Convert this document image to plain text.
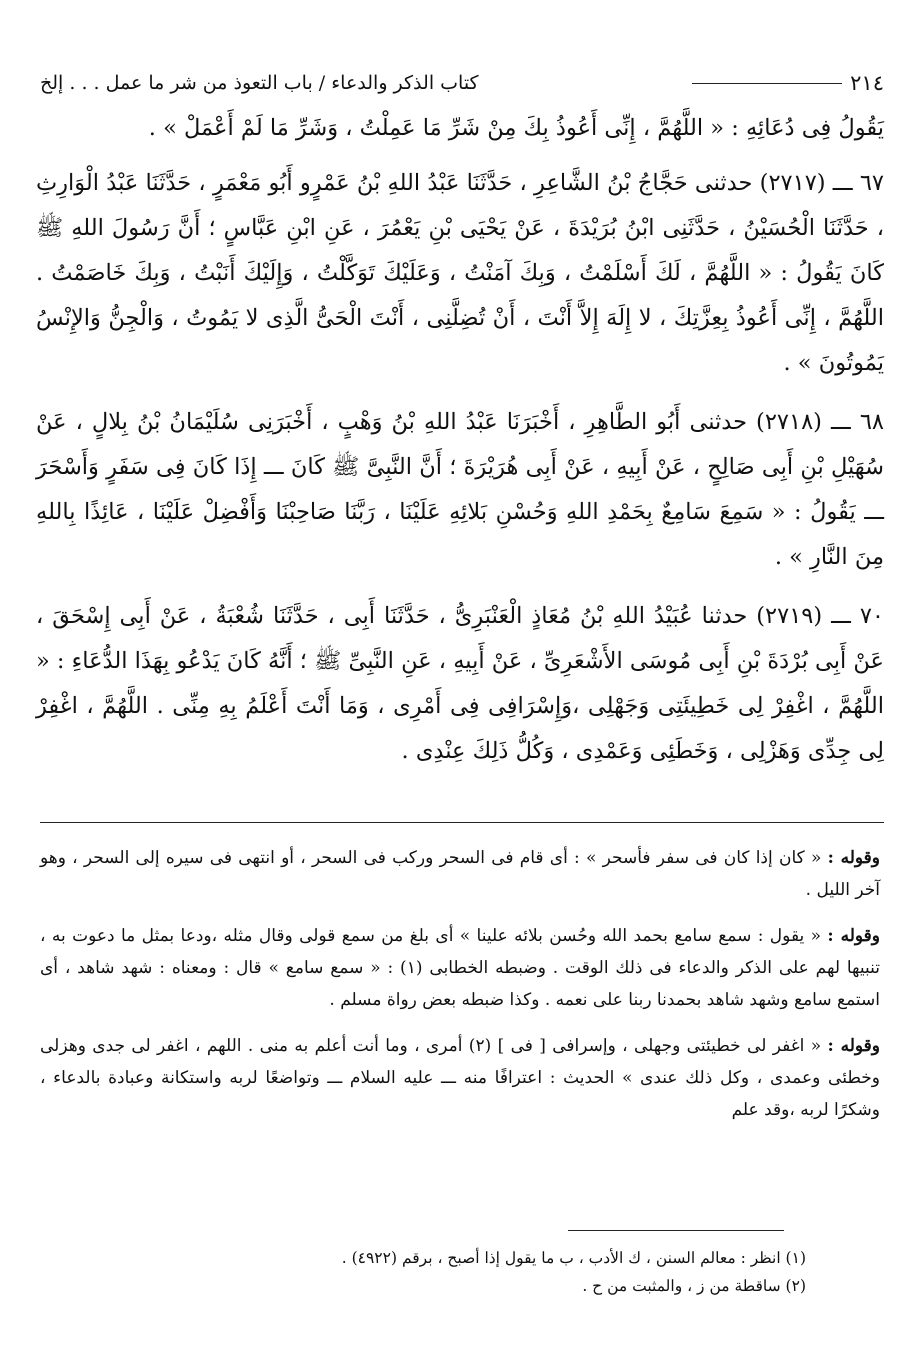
٢١٤
كتاب الذكر والدعاء / باب التعوذ من شر ما عمل . . . إلخ

يَقُولُ فِى دُعَائِهِ : « اللَّهُمَّ ، إِنِّى أَعُوذُ بِكَ مِنْ شَرِّ مَا عَمِلْتُ ، وَشَرِّ مَا لَمْ أَعْمَلْ » .

٦٧ ـــ (٢٧١٧) حدثنى حَجَّاجُ بْنُ الشَّاعِرِ ، حَدَّثَنَا عَبْدُ اللهِ بْنُ عَمْرٍو أَبُو مَعْمَرٍ ، حَدَّثَنَا عَبْدُ الْوَارِثِ ، حَدَّثَنَا الْحُسَيْنُ ، حَدَّثَنِى ابْنُ بُرَيْدَةَ ، عَنْ يَحْيَى بْنِ يَعْمُرَ ، عَنِ ابْنِ عَبَّاسٍ ؛ أَنَّ رَسُولَ اللهِ ﷺ كَانَ يَقُولُ : « اللَّهُمَّ ، لَكَ أَسْلَمْتُ ، وَبِكَ آمَنْتُ ، وَعَلَيْكَ تَوَكَّلْتُ ، وَإِلَيْكَ أَنَبْتُ ، وَبِكَ خَاصَمْتُ . اللَّهُمَّ ، إِنِّى أَعُوذُ بِعِزَّتِكَ ، لا إِلَهَ إِلاَّ أَنْتَ ، أَنْ تُضِلَّنِى ، أَنْتَ الْحَىُّ الَّذِى لا يَمُوتُ ، وَالْجِنُّ وَالإِنْسُ يَمُوتُونَ » .

٦٨ ـــ (٢٧١٨) حدثنى أَبُو الطَّاهِرِ ، أَخْبَرَنَا عَبْدُ اللهِ بْنُ وَهْبٍ ، أَخْبَرَنِى سُلَيْمَانُ بْنُ بِلالٍ ، عَنْ سُهَيْلِ بْنِ أَبِى صَالِحٍ ، عَنْ أَبِيهِ ، عَنْ أَبِى هُرَيْرَةَ ؛ أَنَّ النَّبِىَّ ﷺ كَانَ ـــ إِذَا كَانَ فِى سَفَرٍ وَأَسْحَرَ ـــ يَقُولُ : « سَمِعَ سَامِعٌ بِحَمْدِ اللهِ وَحُسْنِ بَلائِهِ عَلَيْنَا ، رَبَّنَا صَاحِبْنَا وَأَفْضِلْ عَلَيْنَا ، عَائِذًا بِاللهِ مِنَ النَّارِ » .

٧٠ ـــ (٢٧١٩) حدثنا عُبَيْدُ اللهِ بْنُ مُعَاذٍ الْعَنْبَرِىُّ ، حَدَّثَنَا أَبِى ، حَدَّثَنَا شُعْبَةُ ، عَنْ أَبِى إِسْحَقَ ، عَنْ أَبِى بُرْدَةَ بْنِ أَبِى مُوسَى الأَشْعَرِىِّ ، عَنْ أَبِيهِ ، عَنِ النَّبِىِّ ﷺ ؛ أَنَّهُ كَانَ يَدْعُو بِهَذَا الدُّعَاءِ : « اللَّهُمَّ ، اغْفِرْ لِى خَطِيئَتِى وَجَهْلِى ،وَإِسْرَافِى فِى أَمْرِى ، وَمَا أَنْتَ أَعْلَمُ بِهِ مِنِّى . اللَّهُمَّ ، اغْفِرْ لِى جِدِّى وَهَزْلِى ، وَخَطَئِى وَعَمْدِى ، وَكُلُّ ذَلِكَ عِنْدِى .

وقوله : « كان إذا كان فى سفر فأسحر » : أى قام فى السحر وركب فى السحر ، أو انتهى فى سيره إلى السحر ، وهو آخر الليل .

وقوله : « يقول : سمع سامع بحمد الله وحُسن بلائه علينا » أى بلغ من سمع قولى وقال مثله ،ودعا بمثل ما دعوت به ، تنبيها لهم على الذكر والدعاء فى ذلك الوقت . وضبطه الخطابى (١) : « سمع سامع » قال : ومعناه : شهد شاهد ، أى استمع سامع وشهد شاهد بحمدنا ربنا على نعمه . وكذا ضبطه بعض رواة مسلم .

وقوله : « اغفر لى خطيئتى وجهلى ، وإسرافى [ فى ] (٢) أمرى ، وما أنت أعلم به منى . اللهم ، اغفر لى جدى وهزلى وخطئى وعمدى ، وكل ذلك عندى » الحديث : اعترافًا منه ـــ عليه السلام ـــ وتواضعًا لربه واستكانة وعبادة بالدعاء ، وشكرًا لربه ،وقد علم

(١) انظر : معالم السنن ، ك الأدب ، ب ما يقول إذا أصبح ، برقم (٤٩٢٢) .

(٢) ساقطة من ز ، والمثبت من ح .
